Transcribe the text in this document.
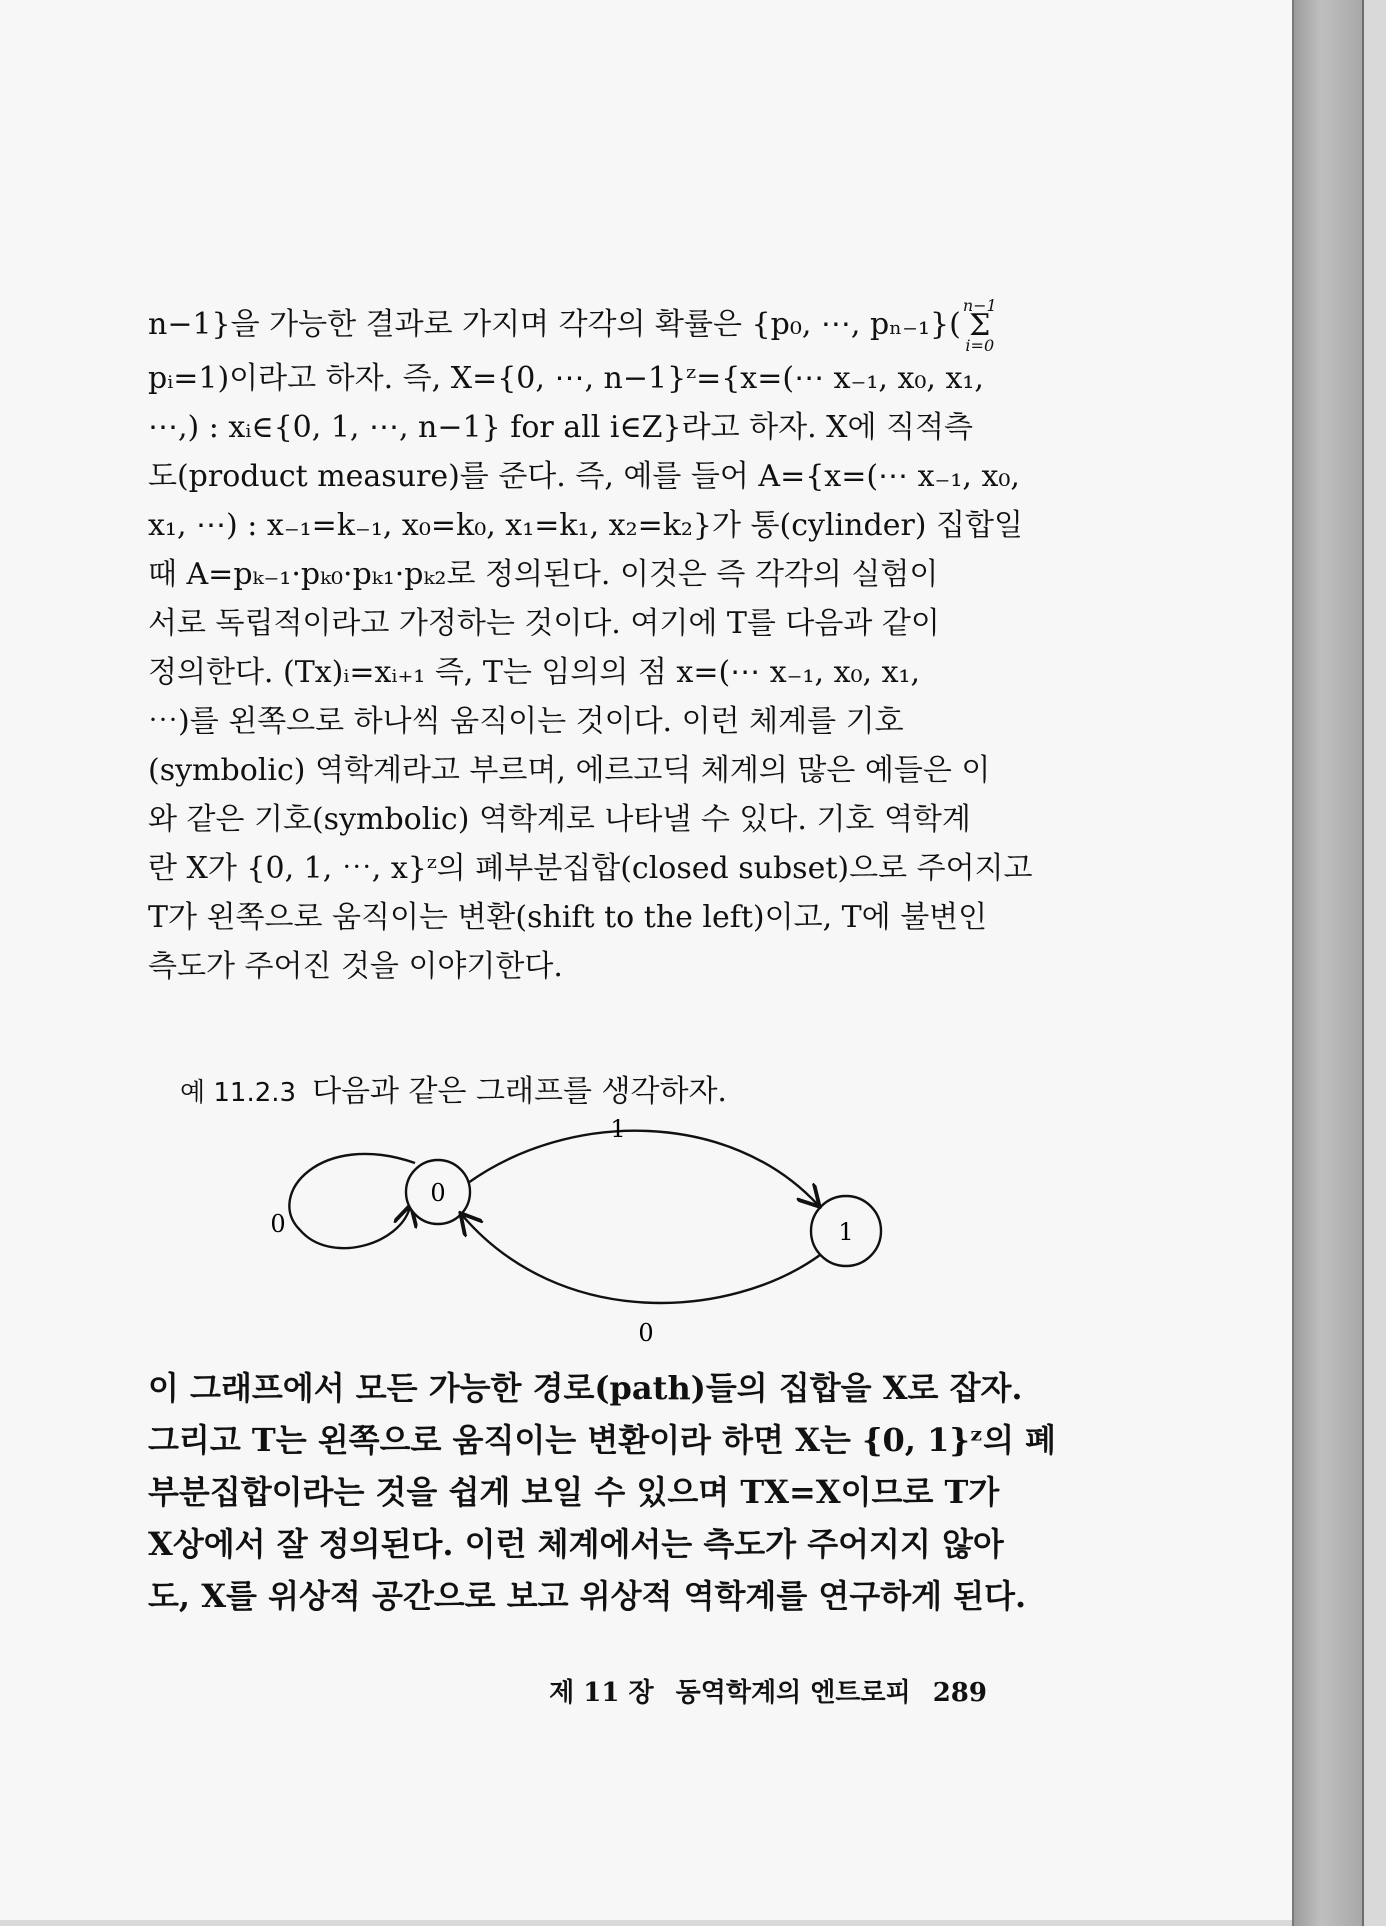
n−1}을 가능한 결과로 가지며 각각의 확률은 {p₀, ⋯, pₙ₋₁}(
n−1
Σ
i=0

pᵢ=1)이라고 하자. 즉, X={0, ⋯, n−1}ᶻ={x=(⋯ x₋₁, x₀, x₁,

⋯,) : xᵢ∈{0, 1, ⋯, n−1} for all i∈Z}라고 하자. X에 직적측

도(product measure)를 준다. 즉, 예를 들어 A={x=(⋯ x₋₁, x₀,

x₁, ⋯) : x₋₁=k₋₁, x₀=k₀, x₁=k₁, x₂=k₂}가 통(cylinder) 집합일

때 A=pₖ₋₁·pₖ₀·pₖ₁·pₖ₂로 정의된다. 이것은 즉 각각의 실험이

서로 독립적이라고 가정하는 것이다. 여기에 T를 다음과 같이

정의한다. (Tx)ᵢ=xᵢ₊₁ 즉, T는 임의의 점 x=(⋯ x₋₁, x₀, x₁,

⋯)를 왼쪽으로 하나씩 움직이는 것이다. 이런 체계를 기호

(symbolic) 역학계라고 부르며, 에르고딕 체계의 많은 예들은 이

와 같은 기호(symbolic) 역학계로 나타낼 수 있다. 기호 역학계

란 X가 {0, 1, ⋯, x}ᶻ의 폐부분집합(closed subset)으로 주어지고

T가 왼쪽으로 움직이는 변환(shift to the left)이고, T에 불변인

측도가 주어진 것을 이야기한다.

예 11.2.3 다음과 같은 그래프를 생각하자.
0
1
0
1
0

이 그래프에서 모든 가능한 경로(path)들의 집합을 X로 잡자.

그리고 T는 왼쪽으로 움직이는 변환이라 하면 X는 {0, 1}ᶻ의 폐

부분집합이라는 것을 쉽게 보일 수 있으며 TX=X이므로 T가

X상에서 잘 정의된다. 이런 체계에서는 측도가 주어지지 않아

도, X를 위상적 공간으로 보고 위상적 역학계를 연구하게 된다.

제 11 장 동역학계의 엔트로피 289
